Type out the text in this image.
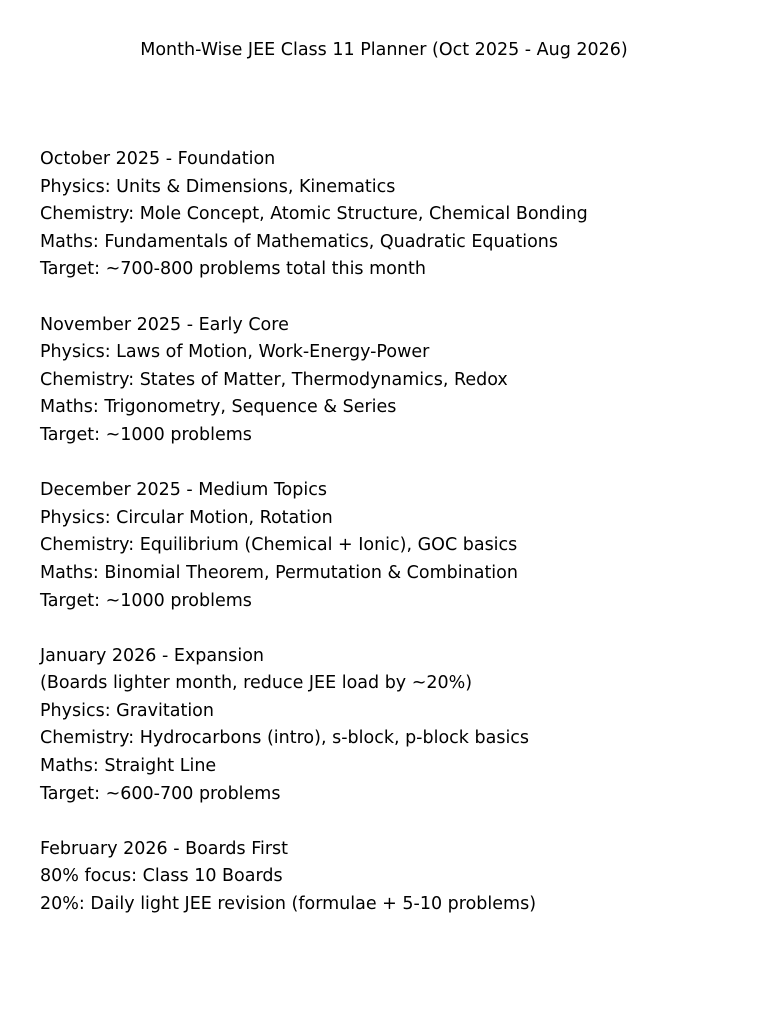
Month-Wise JEE Class 11 Planner (Oct 2025 - Aug 2026)
October 2025 - Foundation
Physics: Units & Dimensions, Kinematics
Chemistry: Mole Concept, Atomic Structure, Chemical Bonding
Maths: Fundamentals of Mathematics, Quadratic Equations
Target: ~700-800 problems total this month
November 2025 - Early Core
Physics: Laws of Motion, Work-Energy-Power
Chemistry: States of Matter, Thermodynamics, Redox
Maths: Trigonometry, Sequence & Series
Target: ~1000 problems
December 2025 - Medium Topics
Physics: Circular Motion, Rotation
Chemistry: Equilibrium (Chemical + Ionic), GOC basics
Maths: Binomial Theorem, Permutation & Combination
Target: ~1000 problems
January 2026 - Expansion
(Boards lighter month, reduce JEE load by ~20%)
Physics: Gravitation
Chemistry: Hydrocarbons (intro), s-block, p-block basics
Maths: Straight Line
Target: ~600-700 problems
February 2026 - Boards First
80% focus: Class 10 Boards
20%: Daily light JEE revision (formulae + 5-10 problems)
